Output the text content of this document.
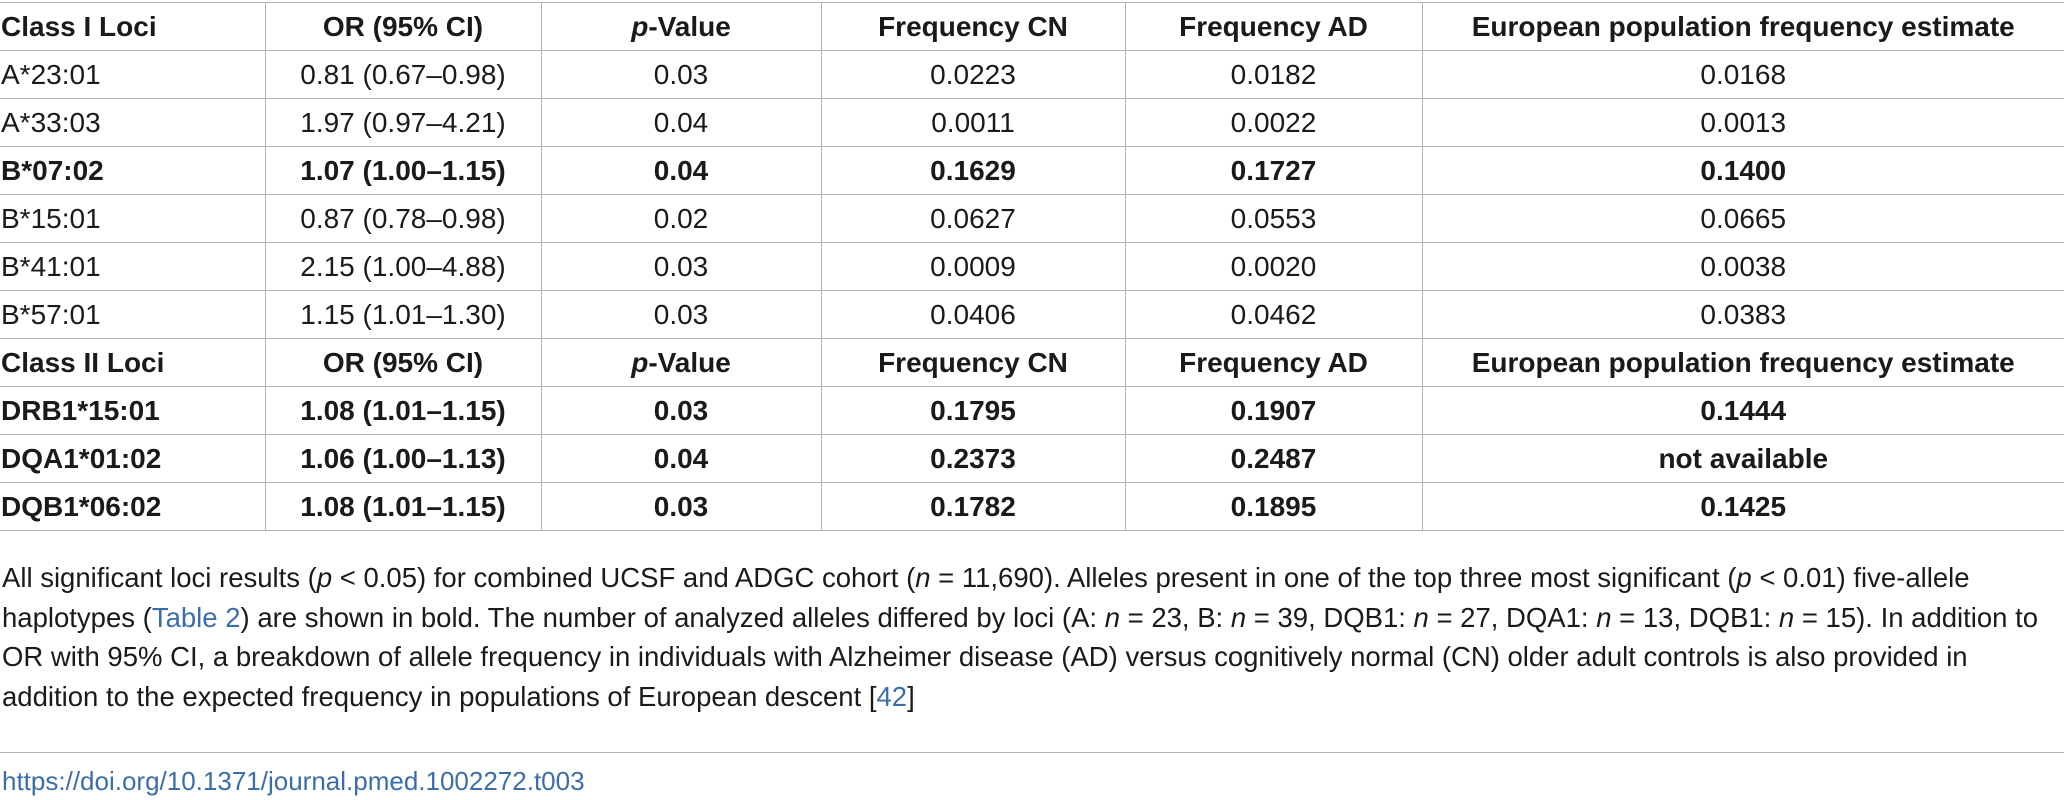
Class I Loci	OR (95% CI)	p-Value	Frequency CN	Frequency AD	European population frequency estimate
A*23:01	0.81 (0.67–0.98)	0.03	0.0223	0.0182	0.0168
A*33:03	1.97 (0.97–4.21)	0.04	0.0011	0.0022	0.0013
B*07:02	1.07 (1.00–1.15)	0.04	0.1629	0.1727	0.1400
B*15:01	0.87 (0.78–0.98)	0.02	0.0627	0.0553	0.0665
B*41:01	2.15 (1.00–4.88)	0.03	0.0009	0.0020	0.0038
B*57:01	1.15 (1.01–1.30)	0.03	0.0406	0.0462	0.0383
Class II Loci	OR (95% CI)	p-Value	Frequency CN	Frequency AD	European population frequency estimate
DRB1*15:01	1.08 (1.01–1.15)	0.03	0.1795	0.1907	0.1444
DQA1*01:02	1.06 (1.00–1.13)	0.04	0.2373	0.2487	not available
DQB1*06:02	1.08 (1.01–1.15)	0.03	0.1782	0.1895	0.1425

All significant loci results (p < 0.05) for combined UCSF and ADGC cohort (n = 11,690). Alleles present in one of the top three most significant (p < 0.01) five-allele haplotypes (Table 2) are shown in bold. The number of analyzed alleles differed by loci (A: n = 23, B: n = 39, DQB1: n = 27, DQA1: n = 13, DQB1: n = 15). In addition to OR with 95% CI, a breakdown of allele frequency in individuals with Alzheimer disease (AD) versus cognitively normal (CN) older adult controls is also provided in addition to the expected frequency in populations of European descent [42]

https://doi.org/10.1371/journal.pmed.1002272.t003
